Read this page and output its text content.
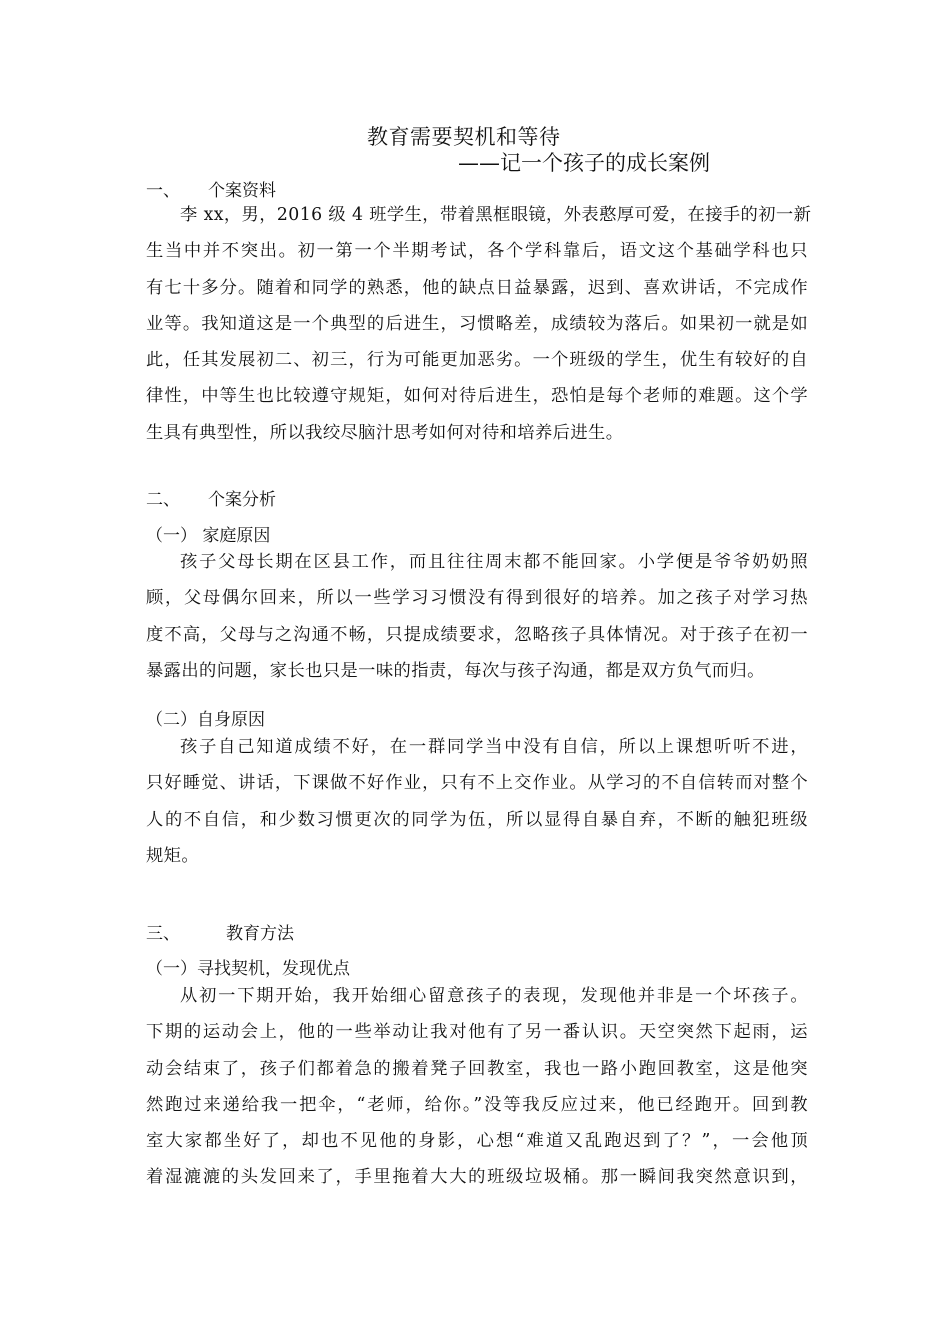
教育需要契机和等待
——记一个孩子的成长案例
一、 个案资料
李 xx，男，2016 级 4 班学生，带着黑框眼镜，外表憨厚可爱，在接手的初一新
生当中并不突出。初一第一个半期考试，各个学科靠后，语文这个基础学科也只
有七十多分。随着和同学的熟悉，他的缺点日益暴露，迟到、喜欢讲话，不完成作
业等。我知道这是一个典型的后进生，习惯略差，成绩较为落后。如果初一就是如
此，任其发展初二、初三，行为可能更加恶劣。一个班级的学生，优生有较好的自
律性，中等生也比较遵守规矩，如何对待后进生，恐怕是每个老师的难题。这个学
生具有典型性，所以我绞尽脑汁思考如何对待和培养后进生。
二、 个案分析
（一） 家庭原因
孩子父母长期在区县工作，而且往往周末都不能回家。小学便是爷爷奶奶照
顾，父母偶尔回来，所以一些学习习惯没有得到很好的培养。加之孩子对学习热
度不高，父母与之沟通不畅，只提成绩要求，忽略孩子具体情况。对于孩子在初一
暴露出的问题，家长也只是一味的指责，每次与孩子沟通，都是双方负气而归。
（二）自身原因
孩子自己知道成绩不好，在一群同学当中没有自信，所以上课想听听不进，
只好睡觉、讲话，下课做不好作业，只有不上交作业。从学习的不自信转而对整个
人的不自信，和少数习惯更次的同学为伍，所以显得自暴自弃，不断的触犯班级
规矩。
三、	教育方法
（一）寻找契机，发现优点
从初一下期开始，我开始细心留意孩子的表现，发现他并非是一个坏孩子。
下期的运动会上，他的一些举动让我对他有了另一番认识。天空突然下起雨，运
动会结束了，孩子们都着急的搬着凳子回教室，我也一路小跑回教室，这是他突
然跑过来递给我一把伞，“老师，给你。”没等我反应过来，他已经跑开。回到教
室大家都坐好了，却也不见他的身影，心想“难道又乱跑迟到了？”，一会他顶
着湿漉漉的头发回来了，手里拖着大大的班级垃圾桶。那一瞬间我突然意识到，
